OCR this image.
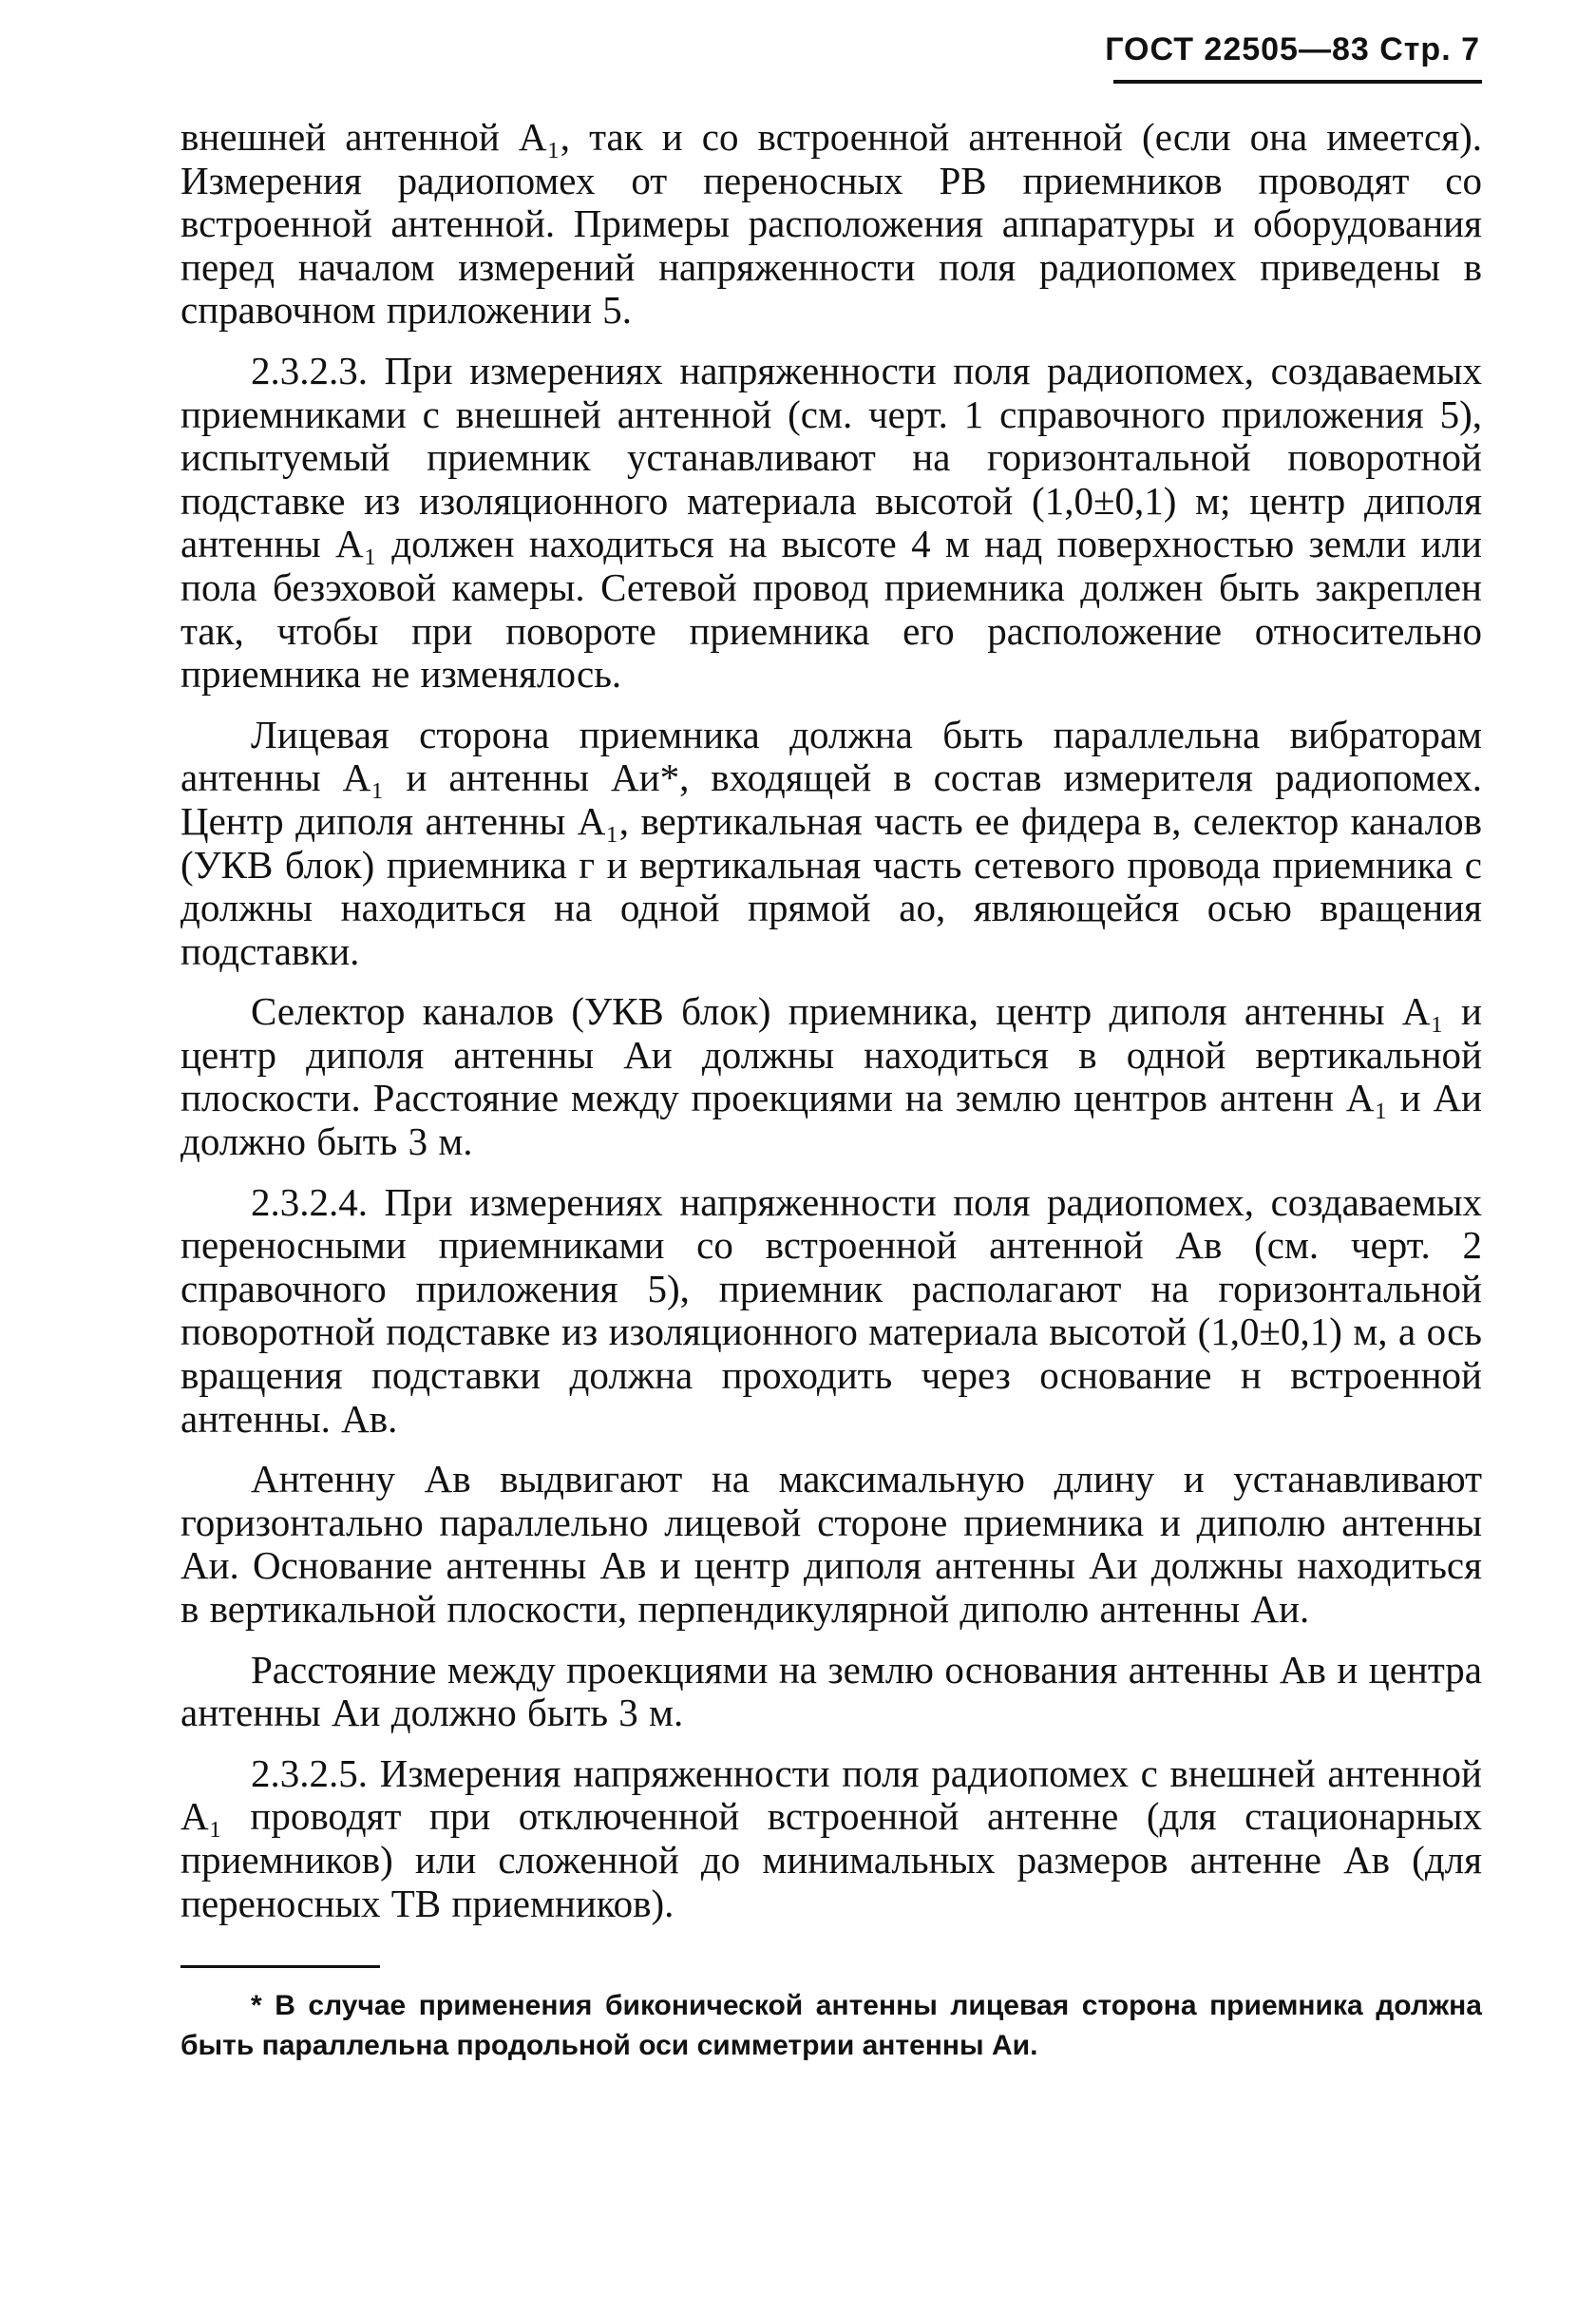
ГОСТ 22505—83 Стр. 7

внешней антенной A₁, так и со встроенной антенной (если она имеется). Измерения радиопомех от переносных РВ приемников проводят со встроенной антенной. Примеры расположения аппаратуры и оборудования перед началом измерений напряженности поля радиопомех приведены в справочном приложении 5.

2.3.2.3. При измерениях напряженности поля радиопомех, создаваемых приемниками с внешней антенной (см. черт. 1 справочного приложения 5), испытуемый приемник устанавливают на горизонтальной поворотной подставке из изоляционного материала высотой (1,0±0,1) м; центр диполя антенны A₁ должен находиться на высоте 4 м над поверхностью земли или пола безэховой камеры. Сетевой провод приемника должен быть закреплен так, чтобы при повороте приемника его расположение относительно приемника не изменялось.

Лицевая сторона приемника должна быть параллельна вибраторам антенны A₁ и антенны Aи*, входящей в состав измерителя радиопомех. Центр диполя антенны A₁, вертикальная часть ее фидера в, селектор каналов (УКВ блок) приемника г и вертикальная часть сетевого провода приемника с должны находиться на одной прямой ао, являющейся осью вращения подставки.

Селектор каналов (УКВ блок) приемника, центр диполя антенны A₁ и центр диполя антенны Aи должны находиться в одной вертикальной плоскости. Расстояние между проекциями на землю центров антенн A₁ и Aи должно быть 3 м.

2.3.2.4. При измерениях напряженности поля радиопомех, создаваемых переносными приемниками со встроенной антенной Aв (см. черт. 2 справочного приложения 5), приемник располагают на горизонтальной поворотной подставке из изоляционного материала высотой (1,0±0,1) м, а ось вращения подставки должна проходить через основание н встроенной антенны. Aв.

Антенну Aв выдвигают на максимальную длину и устанавливают горизонтально параллельно лицевой стороне приемника и диполю антенны Aи. Основание антенны Aв и центр диполя антенны Aи должны находиться в вертикальной плоскости, перпендикулярной диполю антенны Aи.

Расстояние между проекциями на землю основания антенны Aв и центра антенны Aи должно быть 3 м.

2.3.2.5. Измерения напряженности поля радиопомех с внешней антенной A₁ проводят при отключенной встроенной антенне (для стационарных приемников) или сложенной до минимальных размеров антенне Aв (для переносных ТВ приемников).

* В случае применения биконической антенны лицевая сторона приемника должна быть параллельна продольной оси симметрии антенны Aи.
